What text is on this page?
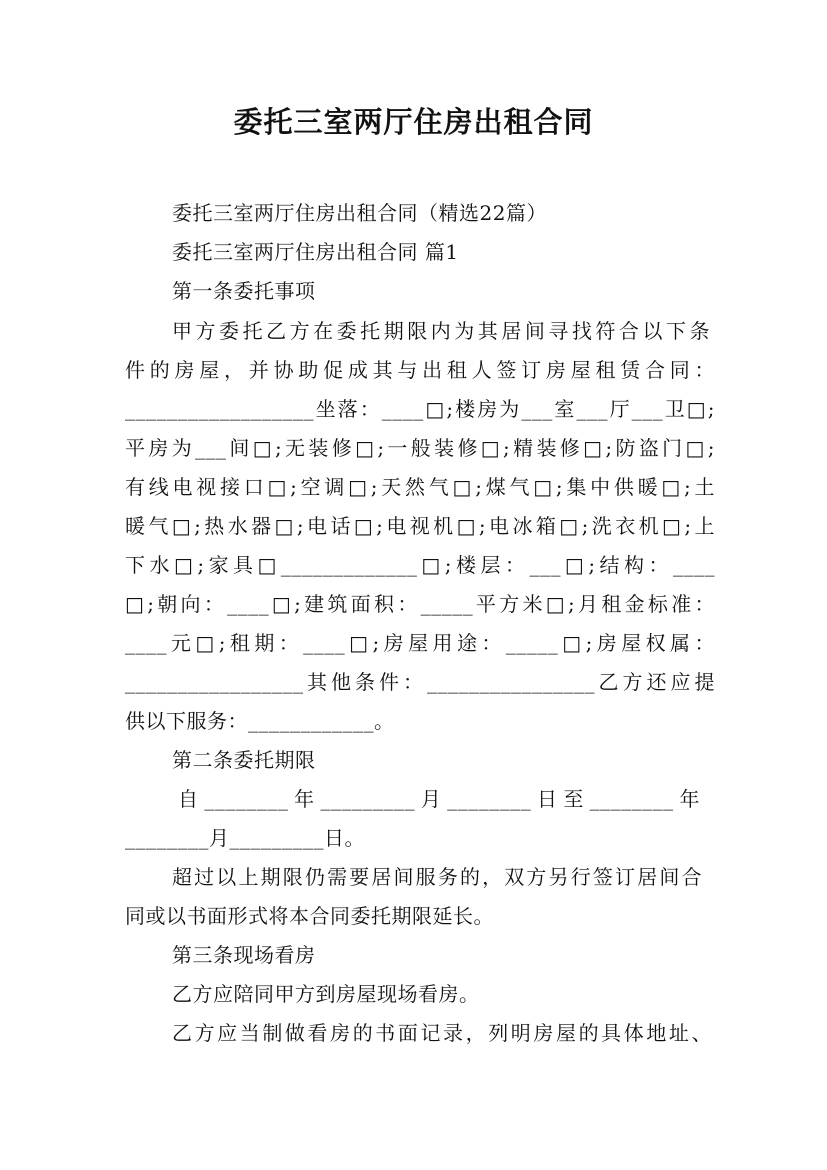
委托三室两厅住房出租合同

委托三室两厅住房出租合同（精选22篇）

委托三室两厅住房出租合同 篇1

第一条委托事项

甲方委托乙方在委托期限内为其居间寻找符合以下条

件的房屋，并协助促成其与出租人签订房屋租赁合同：

__________________坐落：____□;楼房为___室___厅___卫□;

平房为___间□;无装修□;一般装修□;精装修□;防盗门□;

有线电视接口□;空调□;天然气□;煤气□;集中供暖□;土

暖气□;热水器□;电话□;电视机□;电冰箱□;洗衣机□;上

下水□;家具□_____________□;楼层：___□;结构：____

□;朝向：____□;建筑面积：_____平方米□;月租金标准：

____元□;租期：____□;房屋用途：_____□;房屋权属：

_________________其他条件：________________乙方还应提

供以下服务：____________。

第二条委托期限

自________年_________月________日至________年

________月_________日。

超过以上期限仍需要居间服务的，双方另行签订居间合

同或以书面形式将本合同委托期限延长。

第三条现场看房

乙方应陪同甲方到房屋现场看房。

乙方应当制做看房的书面记录，列明房屋的具体地址、
